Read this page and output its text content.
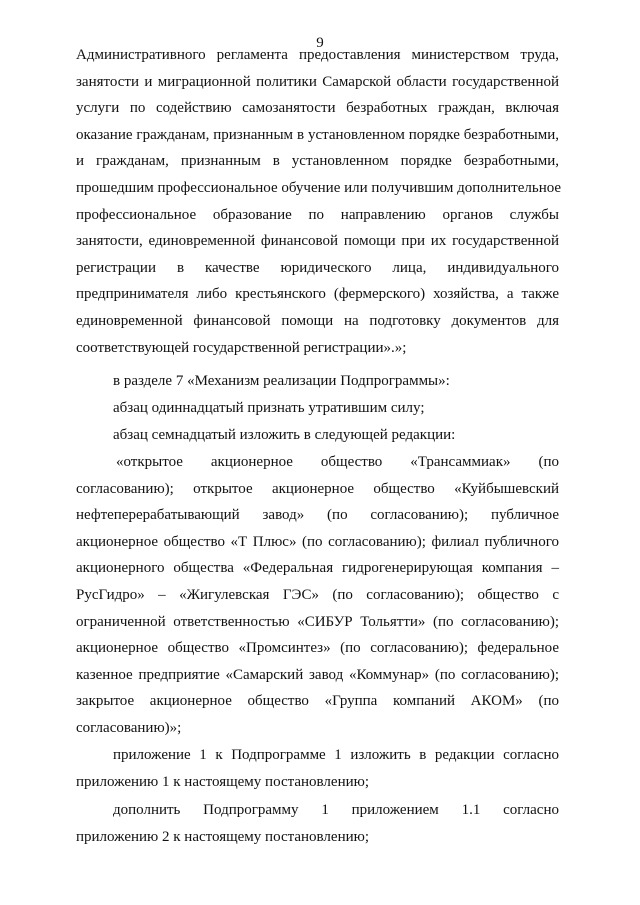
9
Административного регламента предоставления министерством труда,
занятости и миграционной политики Самарской области государственной
услуги по содействию самозанятости безработных граждан, включая
оказание гражданам, признанным в установленном порядке безработными,
и гражданам, признанным в установленном порядке безработными,
прошедшим профессиональное обучение или получившим дополнительное
профессиональное образование по направлению органов службы
занятости, единовременной финансовой помощи при их государственной
регистрации в качестве юридического лица, индивидуального
предпринимателя либо крестьянского (фермерского) хозяйства, а также
единовременной финансовой помощи на подготовку документов для
соответствующей государственной регистрации».»;
в разделе 7 «Механизм реализации Подпрограммы»:
абзац одиннадцатый признать утратившим силу;
абзац семнадцатый изложить в следующей редакции:
«открытое акционерное общество «Трансаммиак» (по
согласованию); открытое акционерное общество «Куйбышевский
нефтеперерабатывающий завод» (по согласованию); публичное
акционерное общество «Т Плюс» (по согласованию); филиал публичного
акционерного общества «Федеральная гидрогенерирующая компания –
РусГидро» – «Жигулевская ГЭС» (по согласованию); общество с
ограниченной ответственностью «СИБУР Тольятти» (по согласованию);
акционерное общество «Промсинтез» (по согласованию); федеральное
казенное предприятие «Самарский завод «Коммунар» (по согласованию);
закрытое акционерное общество «Группа компаний АКОМ» (по
согласованию)»;
приложение 1 к Подпрограмме 1 изложить в редакции согласно
приложению 1 к настоящему постановлению;
дополнить Подпрограмму 1 приложением 1.1 согласно
приложению 2 к настоящему постановлению;
